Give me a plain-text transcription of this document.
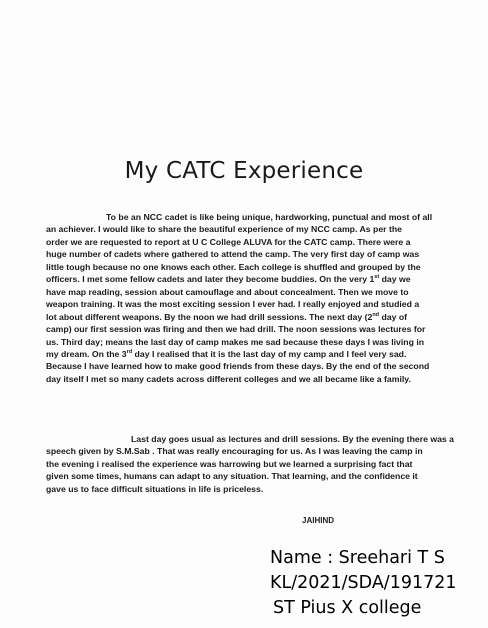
My CATC Experience
To be an NCC cadet is like being unique, hardworking, punctual and most of all
an achiever. I would like to share the beautiful experience of my NCC camp. As per the
order we are requested to report at U C College ALUVA for the CATC camp. There were a
huge number of cadets where gathered to attend the camp. The very first day of camp was
little tough because no one knows each other. Each college is shuffled and grouped by the
officers. I met some fellow cadets and later they become buddies. On the very 1st day we
have map reading, session about camouflage and about concealment. Then we move to
weapon training. It was the most exciting session I ever had. I really enjoyed and studied a
lot about different weapons. By the noon we had drill sessions. The next day (2nd day of
camp) our first session was firing and then we had drill. The noon sessions was lectures for
us. Third day; means the last day of camp makes me sad because these days I was living in
my dream. On the 3rd day I realised that it is the last day of my camp and I feel very sad.
Because I have learned how to make good friends from these days. By the end of the second
day itself I met so many cadets across different colleges and we all became like a family.
Last day goes usual as lectures and drill sessions. By the evening there was a
speech given by S.M.Sab . That was really encouraging for us. As I was leaving the camp in
the evening i realised the experience was harrowing but we learned a surprising fact that
given some times, humans can adapt to any situation. That learning, and the confidence it
gave us to face difficult situations in life is priceless.

JAIHIND

Name : Sreehari T S
KL/2021/SDA/191721
ST Pius X college
